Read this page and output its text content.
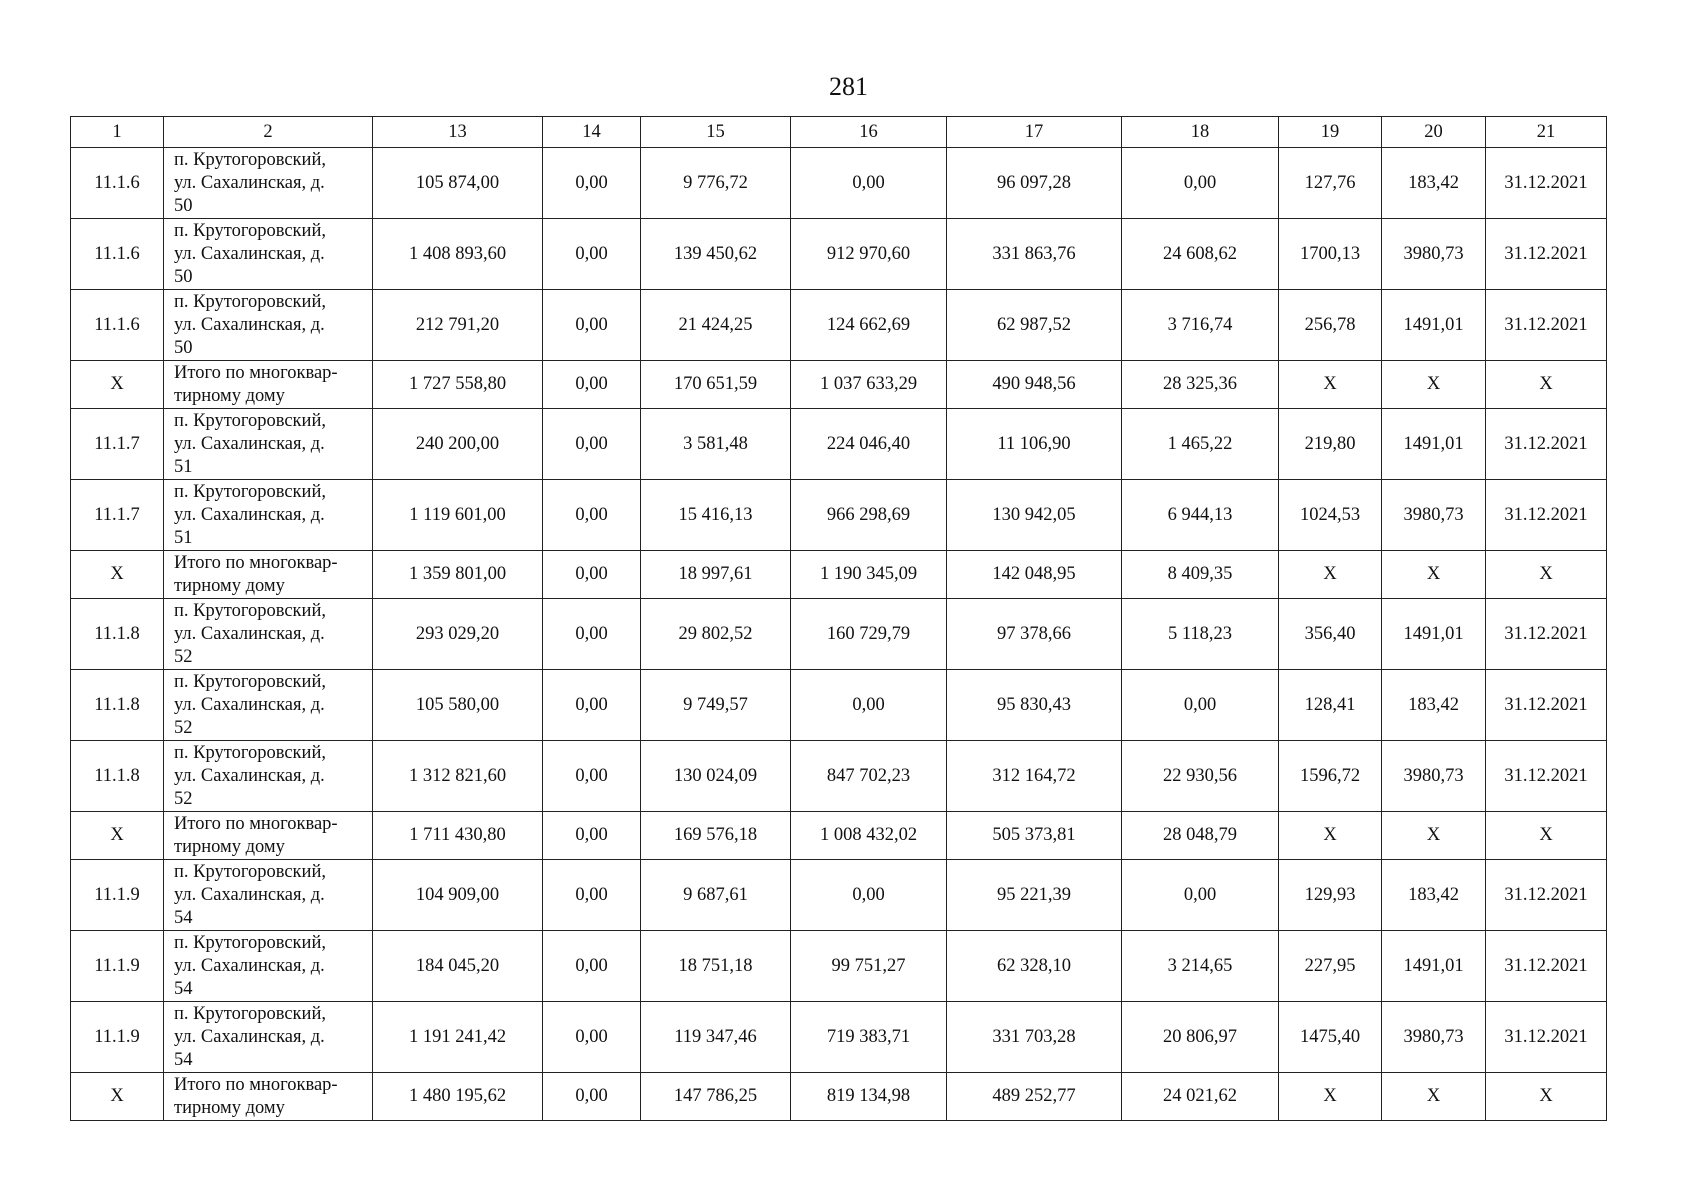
281
1	2	13	14	15	16	17	18	19	20	21
11.1.6	п. Крутогоровский,
ул. Сахалинская, д.
50	105 874,00	0,00	9 776,72	0,00	96 097,28	0,00	127,76	183,42	31.12.2021
11.1.6	п. Крутогоровский,
ул. Сахалинская, д.
50	1 408 893,60	0,00	139 450,62	912 970,60	331 863,76	24 608,62	1700,13	3980,73	31.12.2021
11.1.6	п. Крутогоровский,
ул. Сахалинская, д.
50	212 791,20	0,00	21 424,25	124 662,69	62 987,52	3 716,74	256,78	1491,01	31.12.2021
X	Итого по многоквар-
тирному дому	1 727 558,80	0,00	170 651,59	1 037 633,29	490 948,56	28 325,36	X	X	X
11.1.7	п. Крутогоровский,
ул. Сахалинская, д.
51	240 200,00	0,00	3 581,48	224 046,40	11 106,90	1 465,22	219,80	1491,01	31.12.2021
11.1.7	п. Крутогоровский,
ул. Сахалинская, д.
51	1 119 601,00	0,00	15 416,13	966 298,69	130 942,05	6 944,13	1024,53	3980,73	31.12.2021
X	Итого по многоквар-
тирному дому	1 359 801,00	0,00	18 997,61	1 190 345,09	142 048,95	8 409,35	X	X	X
11.1.8	п. Крутогоровский,
ул. Сахалинская, д.
52	293 029,20	0,00	29 802,52	160 729,79	97 378,66	5 118,23	356,40	1491,01	31.12.2021
11.1.8	п. Крутогоровский,
ул. Сахалинская, д.
52	105 580,00	0,00	9 749,57	0,00	95 830,43	0,00	128,41	183,42	31.12.2021
11.1.8	п. Крутогоровский,
ул. Сахалинская, д.
52	1 312 821,60	0,00	130 024,09	847 702,23	312 164,72	22 930,56	1596,72	3980,73	31.12.2021
X	Итого по многоквар-
тирному дому	1 711 430,80	0,00	169 576,18	1 008 432,02	505 373,81	28 048,79	X	X	X
11.1.9	п. Крутогоровский,
ул. Сахалинская, д.
54	104 909,00	0,00	9 687,61	0,00	95 221,39	0,00	129,93	183,42	31.12.2021
11.1.9	п. Крутогоровский,
ул. Сахалинская, д.
54	184 045,20	0,00	18 751,18	99 751,27	62 328,10	3 214,65	227,95	1491,01	31.12.2021
11.1.9	п. Крутогоровский,
ул. Сахалинская, д.
54	1 191 241,42	0,00	119 347,46	719 383,71	331 703,28	20 806,97	1475,40	3980,73	31.12.2021
X	Итого по многоквар-
тирному дому	1 480 195,62	0,00	147 786,25	819 134,98	489 252,77	24 021,62	X	X	X
